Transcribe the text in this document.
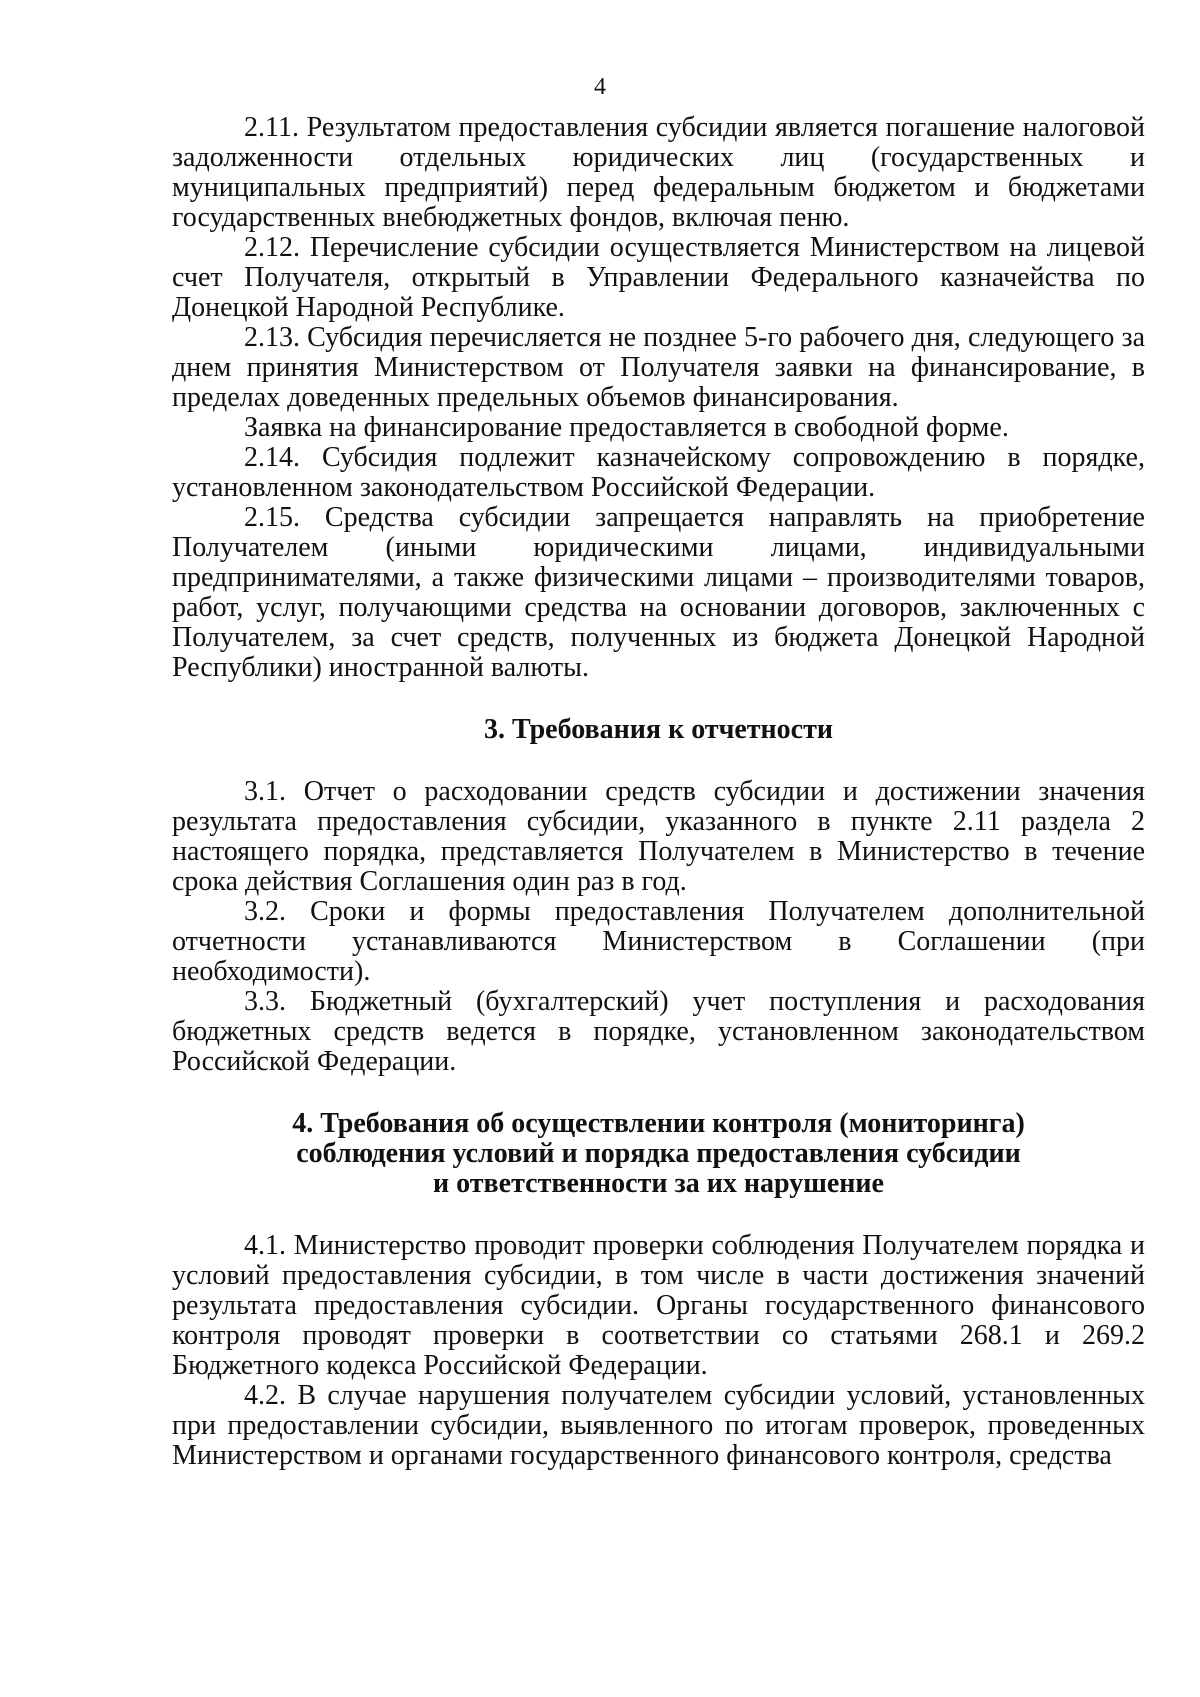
4

2.11. Результатом предоставления субсидии является погашение налоговой задолженности отдельных юридических лиц (государственных и муниципальных предприятий) перед федеральным бюджетом и бюджетами государственных внебюджетных фондов, включая пеню.

2.12. Перечисление субсидии осуществляется Министерством на лицевой счет Получателя, открытый в Управлении Федерального казначейства по Донецкой Народной Республике.

2.13. Субсидия перечисляется не позднее 5-го рабочего дня, следующего за днем принятия Министерством от Получателя заявки на финансирование, в пределах доведенных предельных объемов финансирования.

Заявка на финансирование предоставляется в свободной форме.

2.14. Субсидия подлежит казначейскому сопровождению в порядке, установленном законодательством Российской Федерации.

2.15. Средства субсидии запрещается направлять на приобретение Получателем (иными юридическими лицами, индивидуальными предпринимателями, а также физическими лицами – производителями товаров, работ, услуг, получающими средства на основании договоров, заключенных с Получателем, за счет средств, полученных из бюджета Донецкой Народной Республики) иностранной валюты.

3. Требования к отчетности

3.1. Отчет о расходовании средств субсидии и достижении значения результата предоставления субсидии, указанного в пункте 2.11 раздела 2 настоящего порядка, представляется Получателем в Министерство в течение срока действия Соглашения один раз в год.

3.2. Сроки и формы предоставления Получателем дополнительной отчетности устанавливаются Министерством в Соглашении (при необходимости).

3.3. Бюджетный (бухгалтерский) учет поступления и расходования бюджетных средств ведется в порядке, установленном законодательством Российской Федерации.

4. Требования об осуществлении контроля (мониторинга)

соблюдения условий и порядка предоставления субсидии

и ответственности за их нарушение

4.1. Министерство проводит проверки соблюдения Получателем порядка и условий предоставления субсидии, в том числе в части достижения значений результата предоставления субсидии. Органы государственного финансового контроля проводят проверки в соответствии со статьями 268.1 и 269.2 Бюджетного кодекса Российской Федерации.

4.2. В случае нарушения получателем субсидии условий, установленных при предоставлении субсидии, выявленного по итогам проверок, проведенных Министерством и органами государственного финансового контроля, средства
